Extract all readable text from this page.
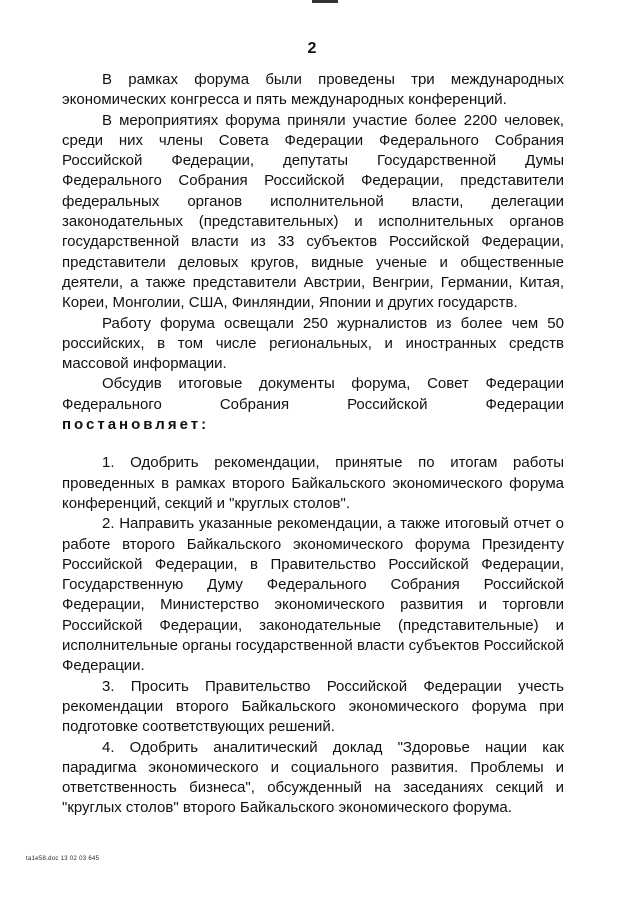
2

В рамках форума были проведены три международных экономических конгресса и пять международных конференций.

В мероприятиях форума приняли участие более 2200 человек, среди них члены Совета Федерации Федерального Собрания Российской Федерации, депутаты Государственной Думы Федерального Собрания Российской Федерации, представители федеральных органов исполнительной власти, делегации законодательных (представительных) и исполнительных органов государственной власти из 33 субъектов Российской Федерации, представители деловых кругов, видные ученые и общественные деятели, а также представители Австрии, Венгрии, Германии, Китая, Кореи, Монголии, США, Финляндии, Японии и других государств.

Работу форума освещали 250 журналистов из более чем 50 российских, в том числе региональных, и иностранных средств массовой информации.

Обсудив итоговые документы форума, Совет Федерации Федерального Собрания Российской Федерации

постановляет:

1. Одобрить рекомендации, принятые по итогам работы проведенных в рамках второго Байкальского экономического форума конференций, секций и "круглых столов".

2. Направить указанные рекомендации, а также итоговый отчет о работе второго Байкальского экономического форума Президенту Российской Федерации, в Правительство Российской Федерации, Государственную Думу Федерального Собрания Российской Федерации, Министерство экономического развития и торговли Российской Федерации, законодательные (представительные) и исполнительные органы государственной власти субъектов Российской Федерации.

3. Просить Правительство Российской Федерации учесть рекомендации второго Байкальского экономического форума при подготовке соответствующих решений.

4. Одобрить аналитический доклад "Здоровье нации как парадигма экономического и социального развития. Проблемы и ответственность бизнеса", обсужденный на заседаниях секций и "круглых столов" второго Байкальского экономического форума.

ta1e58.doc 13 02 03 645
